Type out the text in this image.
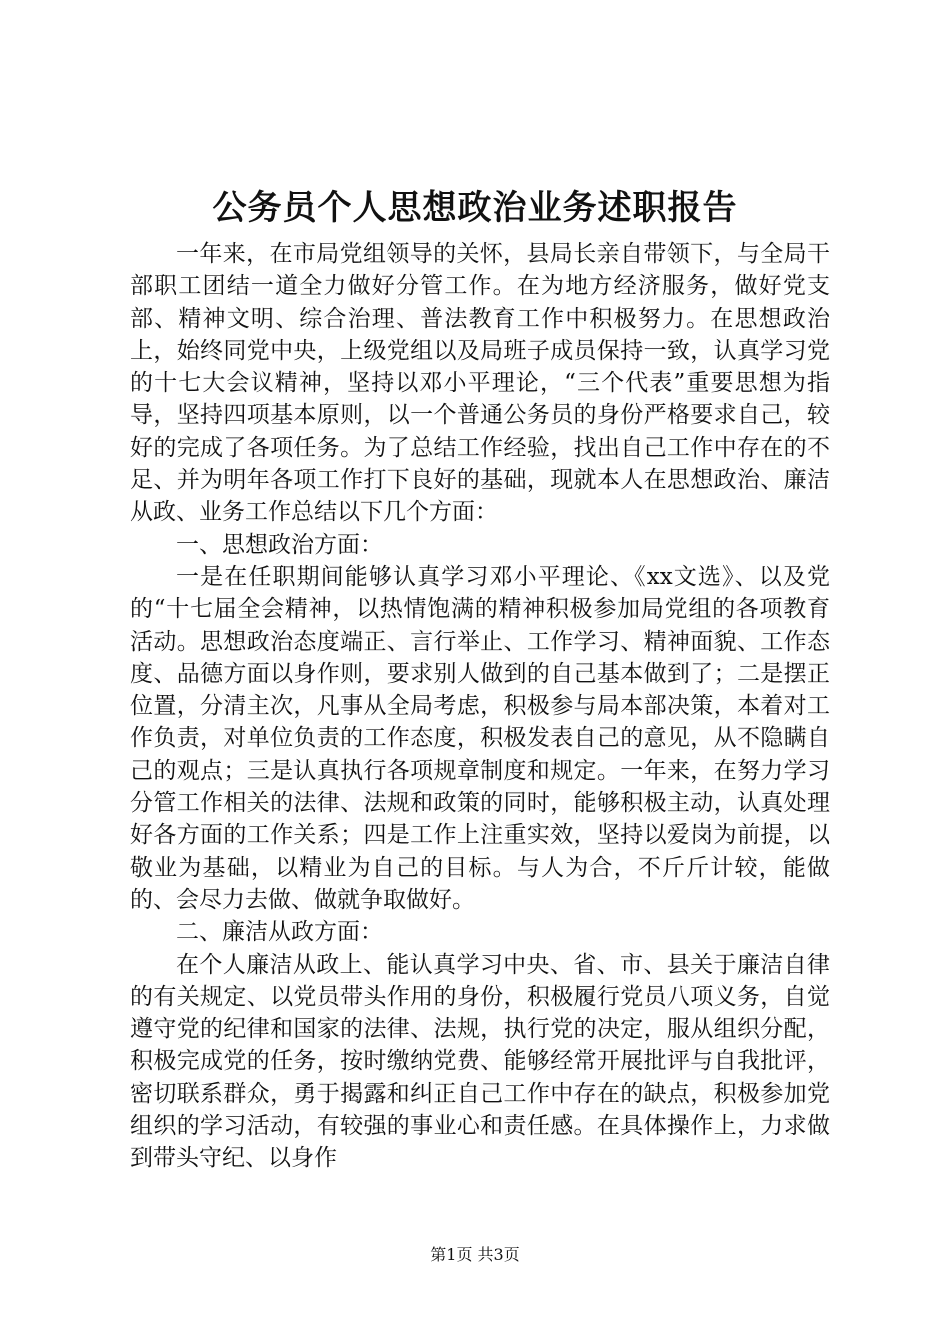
公务员个人思想政治业务述职报告

一年来，在市局党组领导的关怀，县局长亲自带领下，与全局干部职工团结一道全力做好分管工作。在为地方经济服务，做好党支部、精神文明、综合治理、普法教育工作中积极努力。在思想政治上，始终同党中央，上级党组以及局班子成员保持一致，认真学习党的十七大会议精神，坚持以邓小平理论，“三个代表”重要思想为指导，坚持四项基本原则，以一个普通公务员的身份严格要求自己，较好的完成了各项任务。为了总结工作经验，找出自己工作中存在的不足、并为明年各项工作打下良好的基础，现就本人在思想政治、廉洁从政、业务工作总结以下几个方面：

一、思想政治方面：

一是在任职期间能够认真学习邓小平理论、《xx文选》、以及党的“十七届全会精神，以热情饱满的精神积极参加局党组的各项教育活动。思想政治态度端正、言行举止、工作学习、精神面貌、工作态度、品德方面以身作则，要求别人做到的自己基本做到了；二是摆正位置，分清主次，凡事从全局考虑，积极参与局本部决策，本着对工作负责，对单位负责的工作态度，积极发表自己的意见，从不隐瞒自己的观点；三是认真执行各项规章制度和规定。一年来，在努力学习分管工作相关的法律、法规和政策的同时，能够积极主动，认真处理好各方面的工作关系；四是工作上注重实效，坚持以爱岗为前提，以敬业为基础，以精业为自己的目标。与人为合，不斤斤计较，能做的、会尽力去做、做就争取做好。

二、廉洁从政方面：

在个人廉洁从政上、能认真学习中央、省、市、县关于廉洁自律的有关规定、以党员带头作用的身份，积极履行党员八项义务，自觉遵守党的纪律和国家的法律、法规，执行党的决定，服从组织分配，积极完成党的任务，按时缴纳党费、能够经常开展批评与自我批评，密切联系群众，勇于揭露和纠正自己工作中存在的缺点，积极参加党组织的学习活动，有较强的事业心和责任感。在具体操作上，力求做到带头守纪、以身作

第1页 共3页
